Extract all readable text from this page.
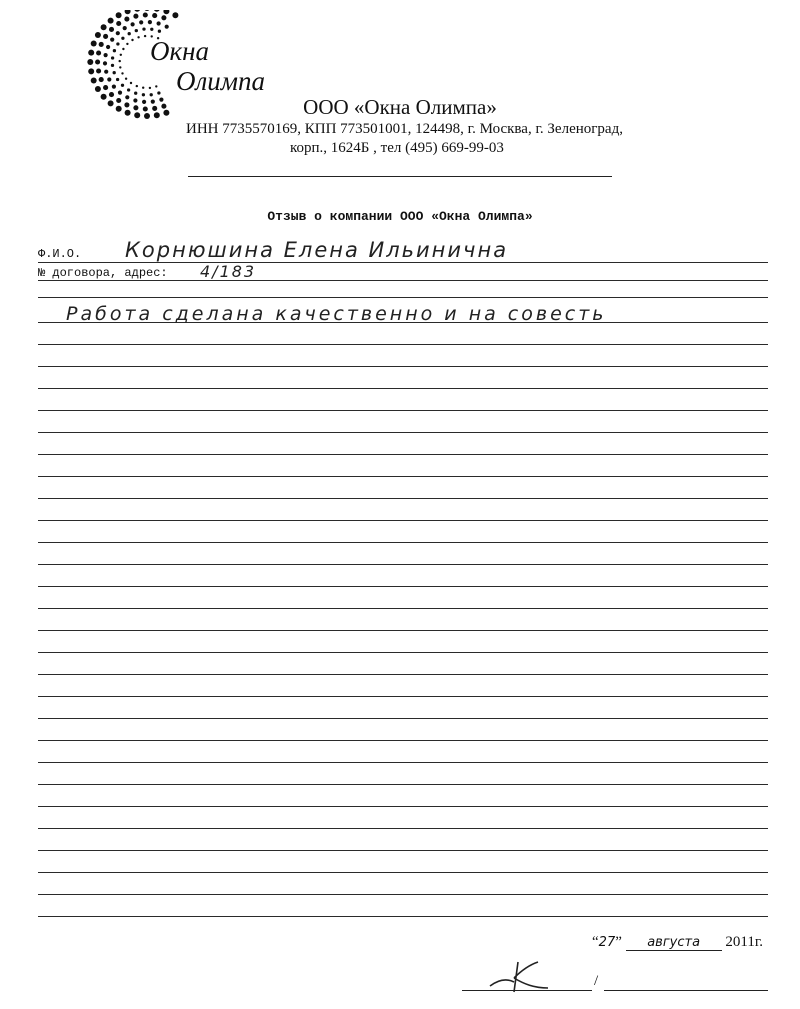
Окна
Олимпа
ООО «Окна Олимпа»
ИНН 7735570169, КПП 773501001, 124498, г. Москва, г. Зеленоград,
корп., 1624Б , тел (495) 669-99-03
Отзыв о компании ООО «Окна Олимпа»
Ф.И.О. Корнюшина Елена Ильинична
№ договора, адрес: 4/183
Работа сделана качественно и на совесть
“27” августа 2011г.
/
